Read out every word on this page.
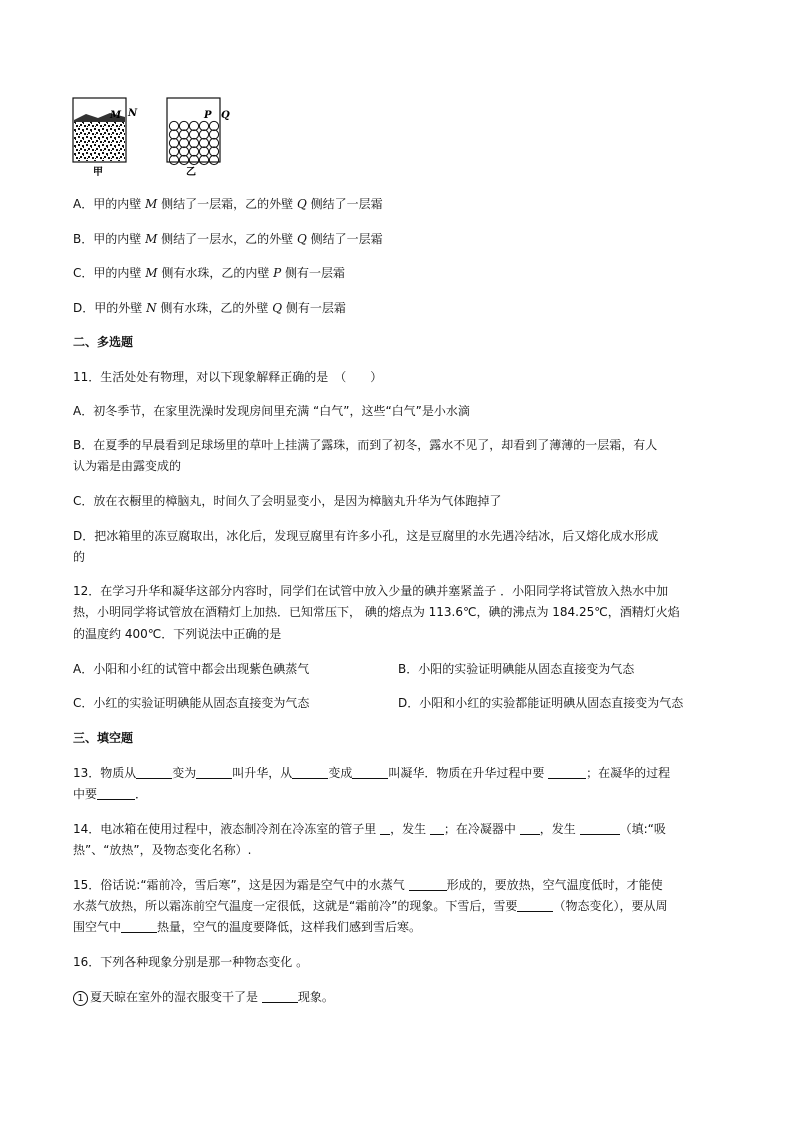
M N
甲
P Q
乙
A．甲的内壁 M 侧结了一层霜，乙的外壁 Q 侧结了一层霜
B．甲的内壁 M 侧结了一层水，乙的外壁 Q 侧结了一层霜
C．甲的内壁 M 侧有水珠，乙的内壁 P 侧有一层霜
D．甲的外壁 N 侧有水珠，乙的外壁 Q 侧有一层霜
二、多选题
11．生活处处有物理，对以下现象解释正确的是　（　　）
A．初冬季节，在家里洗澡时发现房间里充满 “白气”，这些“白气”是小水滴
B．在夏季的早晨看到足球场里的草叶上挂满了露珠，而到了初冬，露水不见了，却看到了薄薄的一层霜，有人
认为霜是由露变成的
C．放在衣橱里的樟脑丸，时间久了会明显变小，是因为樟脑丸升华为气体跑掉了
D．把冰箱里的冻豆腐取出，冰化后，发现豆腐里有许多小孔，这是豆腐里的水先遇冷结冰，后又熔化成水形成
的
12．在学习升华和凝华这部分内容时，同学们在试管中放入少量的碘并塞紧盖子 ．小阳同学将试管放入热水中加
热，小明同学将试管放在酒精灯上加热．已知常压下， 碘的熔点为 113.6℃，碘的沸点为 184.25℃，酒精灯火焰
的温度约 400℃．下列说法中正确的是
A．小阳和小红的试管中都会出现紫色碘蒸气	B．小阳的实验证明碘能从固态直接变为气态
C．小红的实验证明碘能从固态直接变为气态	D．小阳和小红的实验都能证明碘从固态直接变为气态
三、填空题
13．物质从	变为	叫升华，从	变成	叫凝华．物质在升华过程中要	；在凝华的过程
中要	．
14．电冰箱在使用过程中，液态制冷剂在冷冻室的管子里 ，发生 ；在冷凝器中 ，发生	（填:“吸
热”、“放热”，及物态变化名称）.
15．俗话说:“霜前冷，雪后寒”，这是因为霜是空气中的水蒸气	形成的，要放热，空气温度低时，才能使
水蒸气放热，所以霜冻前空气温度一定很低，这就是“霜前冷”的现象。下雪后，雪要	（物态变化），要从周
围空气中	热量，空气的温度要降低，这样我们感到雪后寒。
16．下列各种现象分别是那一种物态变化 。
1 夏天晾在室外的湿衣服变干了是	现象。
